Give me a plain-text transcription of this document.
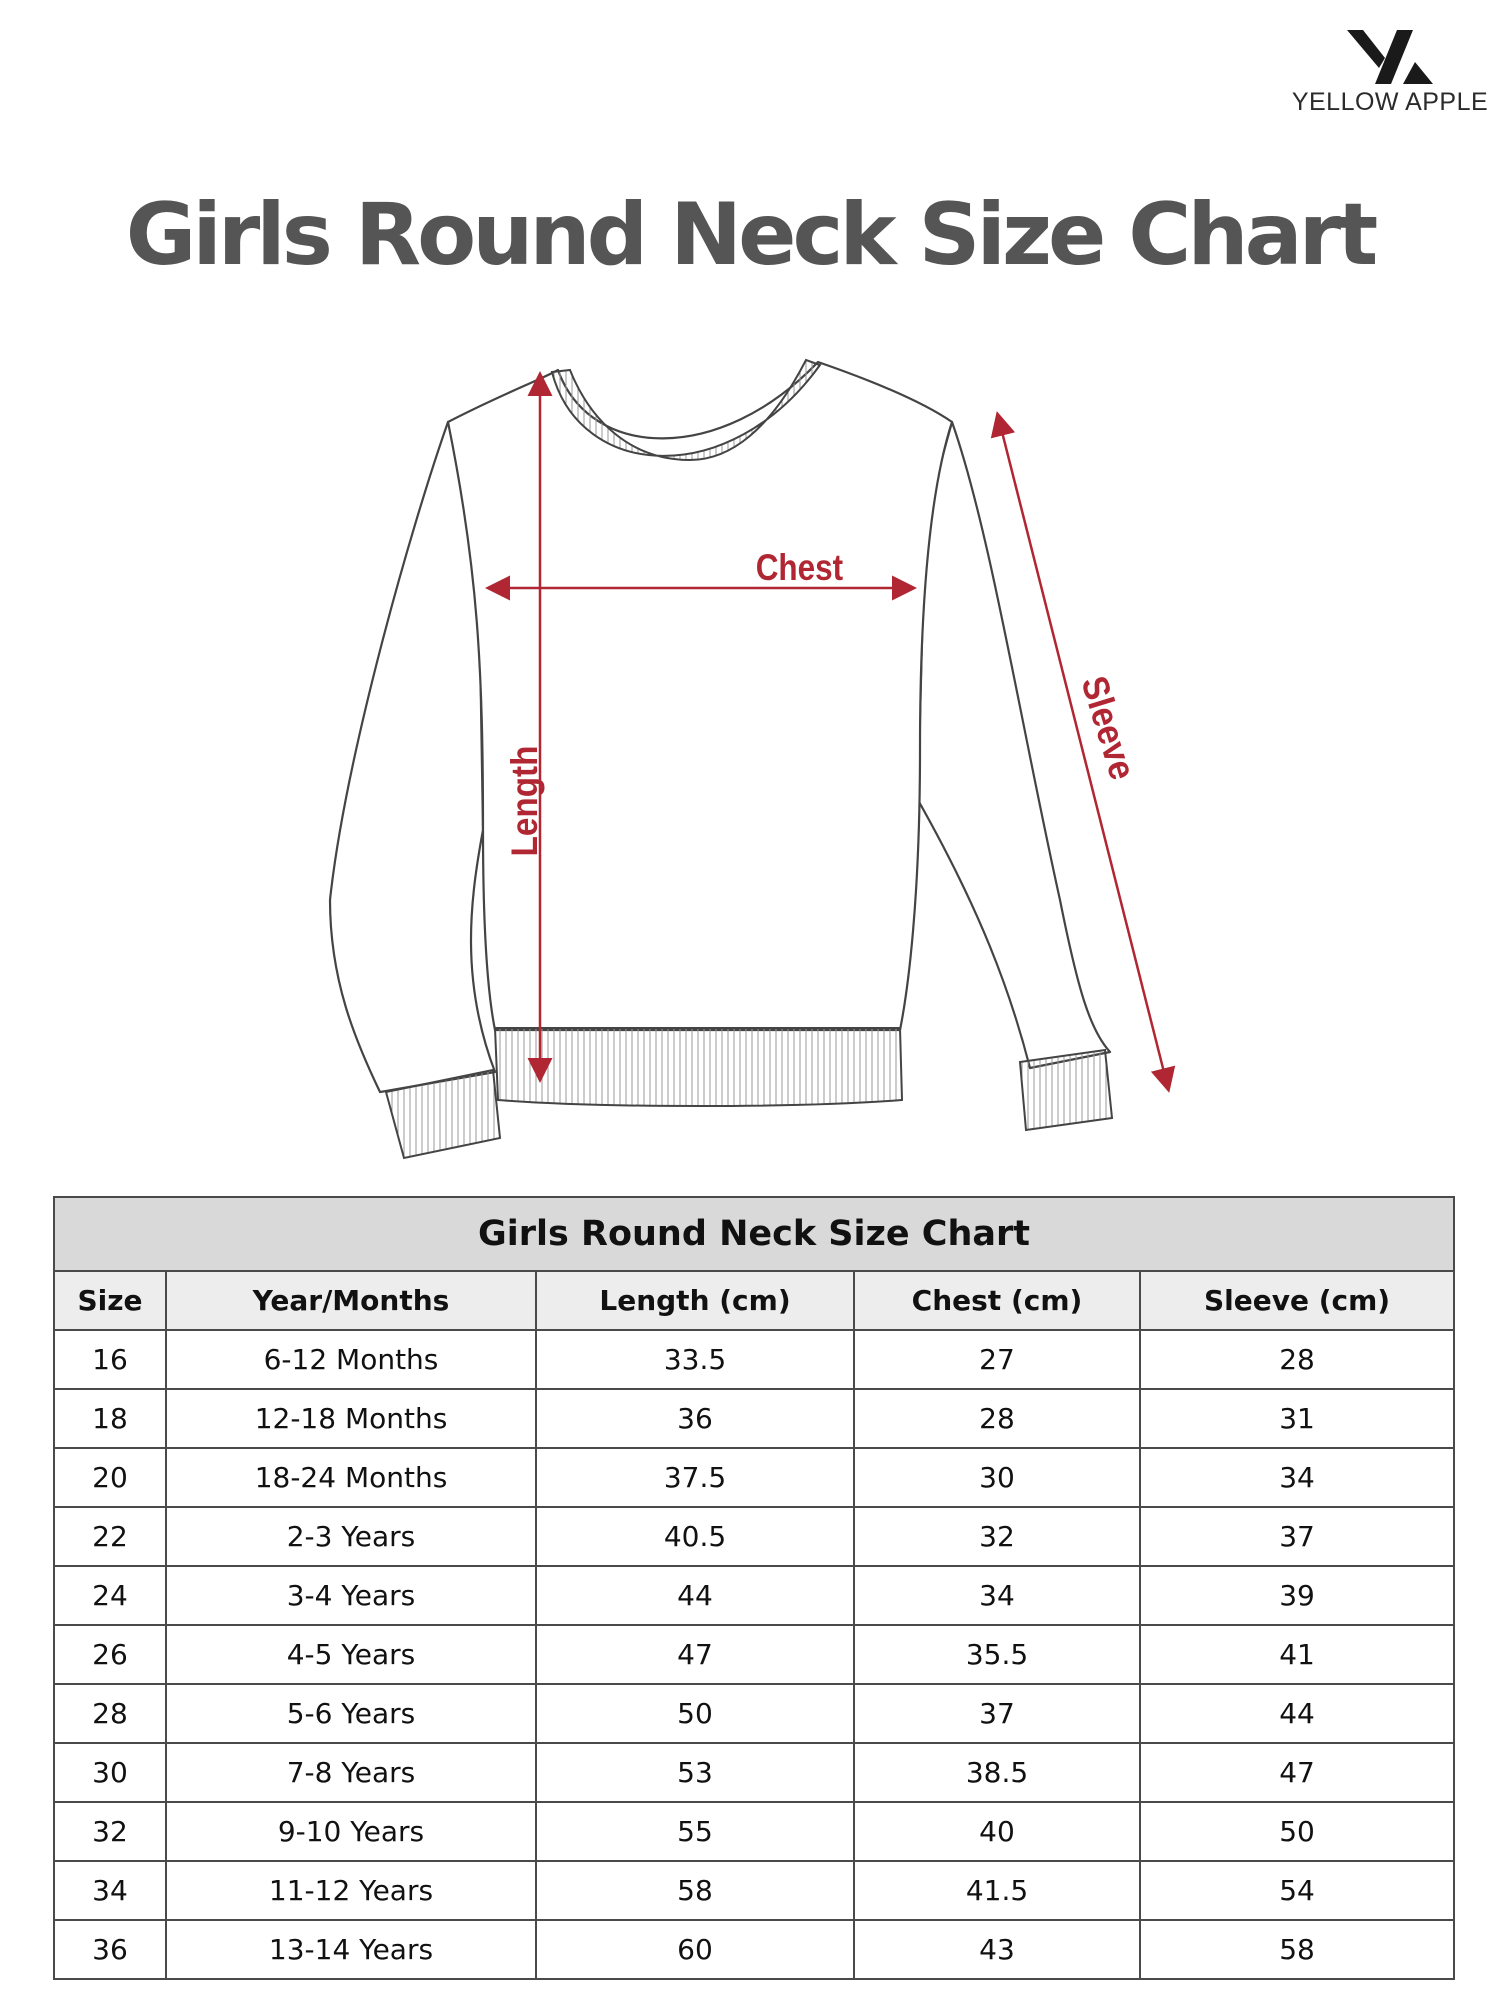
YELLOW APPLE
Girls Round Neck Size Chart
Chest
Length
Sleeve
Girls Round Neck Size Chart				
Size	Year/Months	Length (cm)	Chest (cm)	Sleeve (cm)
16	6-12 Months	33.5	27	28
18	12-18 Months	36	28	31
20	18-24 Months	37.5	30	34
22	2-3 Years	40.5	32	37
24	3-4 Years	44	34	39
26	4-5 Years	47	35.5	41
28	5-6 Years	50	37	44
30	7-8 Years	53	38.5	47
32	9-10 Years	55	40	50
34	11-12 Years	58	41.5	54
36	13-14 Years	60	43	58
